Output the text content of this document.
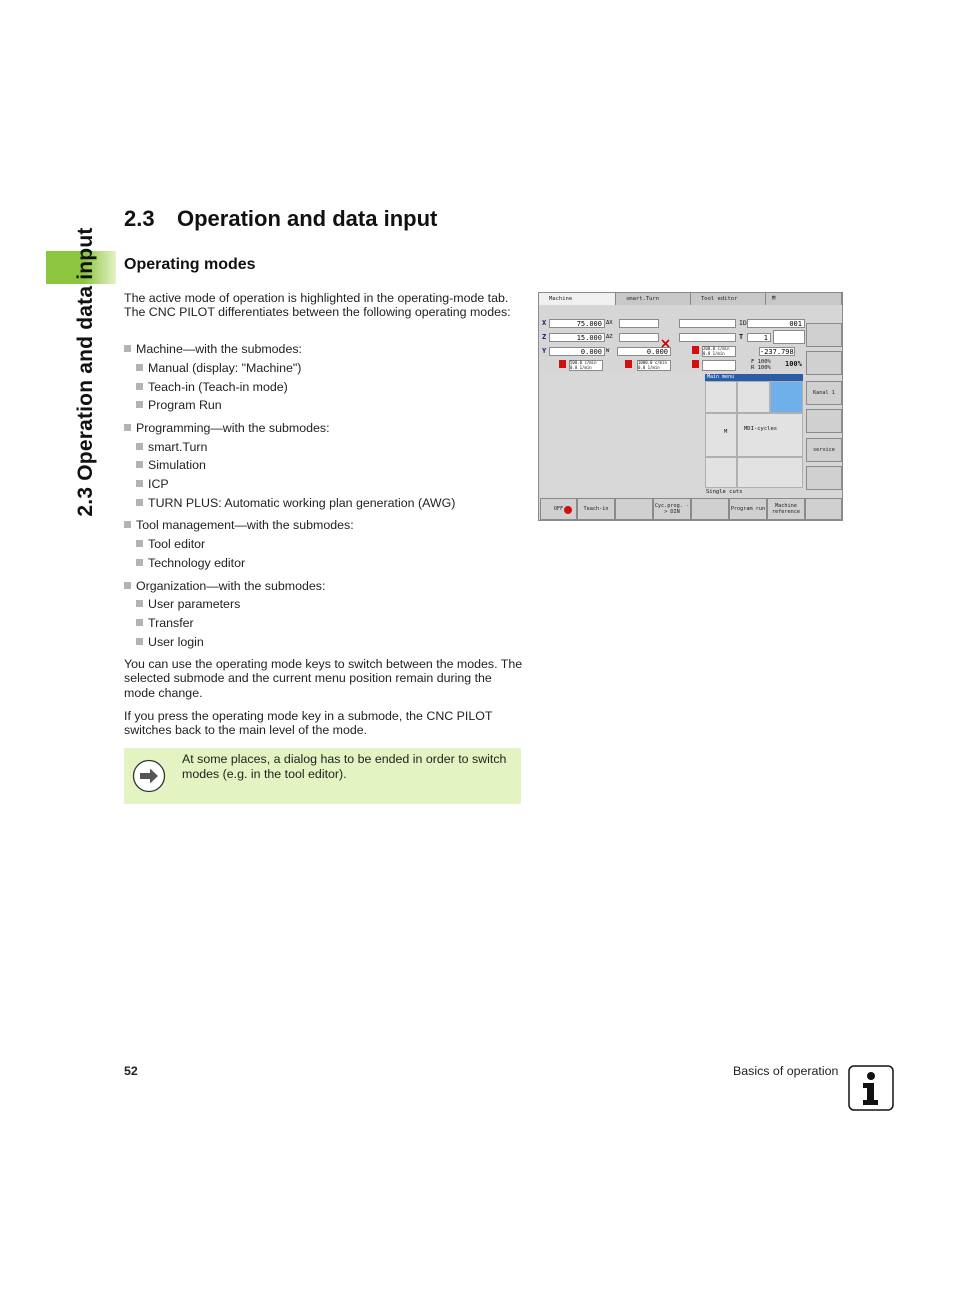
2.3 Operation and data input
2.3 Operation and data input
Operating modes
The active mode of operation is highlighted in the operating-mode tab. The CNC PILOT differentiates between the following operating modes:
Machine—with the submodes:
Manual (display: "Machine")
Teach-in (Teach-in mode)
Program Run
Programming—with the submodes:
smart.Turn
Simulation
ICP
TURN PLUS: Automatic working plan generation (AWG)
Tool management—with the submodes:
Tool editor
Technology editor
Organization—with the submodes:
User parameters
Transfer
User login
You can use the operating mode keys to switch between the modes. The selected submode and the current menu position remain during the mode change.
If you press the operating mode key in a submode, the CNC PILOT switches back to the main level of the mode.
At some places, a dialog has to be ended in order to switch modes (e.g. in the tool editor).
52	Basics of operation
Machine	smart.Turn	Tool editor	▤
X	75.000 ΔX
Z	15.000 ΔZ
Y	0.000 W	0.000
500.0 c/min
0.0 1/min
1000.0 c/min
0.0 1/min
200.0 c/min
0.0 1/min
ID	001
T	1
-237.798
F 100%
R 100% 100%
Main menu
M	MDI-cycles
Single cuts
Kanal 1
service
OFF	Teach-in	Cyc.prog. -> DIN	Program run	Machine reference
